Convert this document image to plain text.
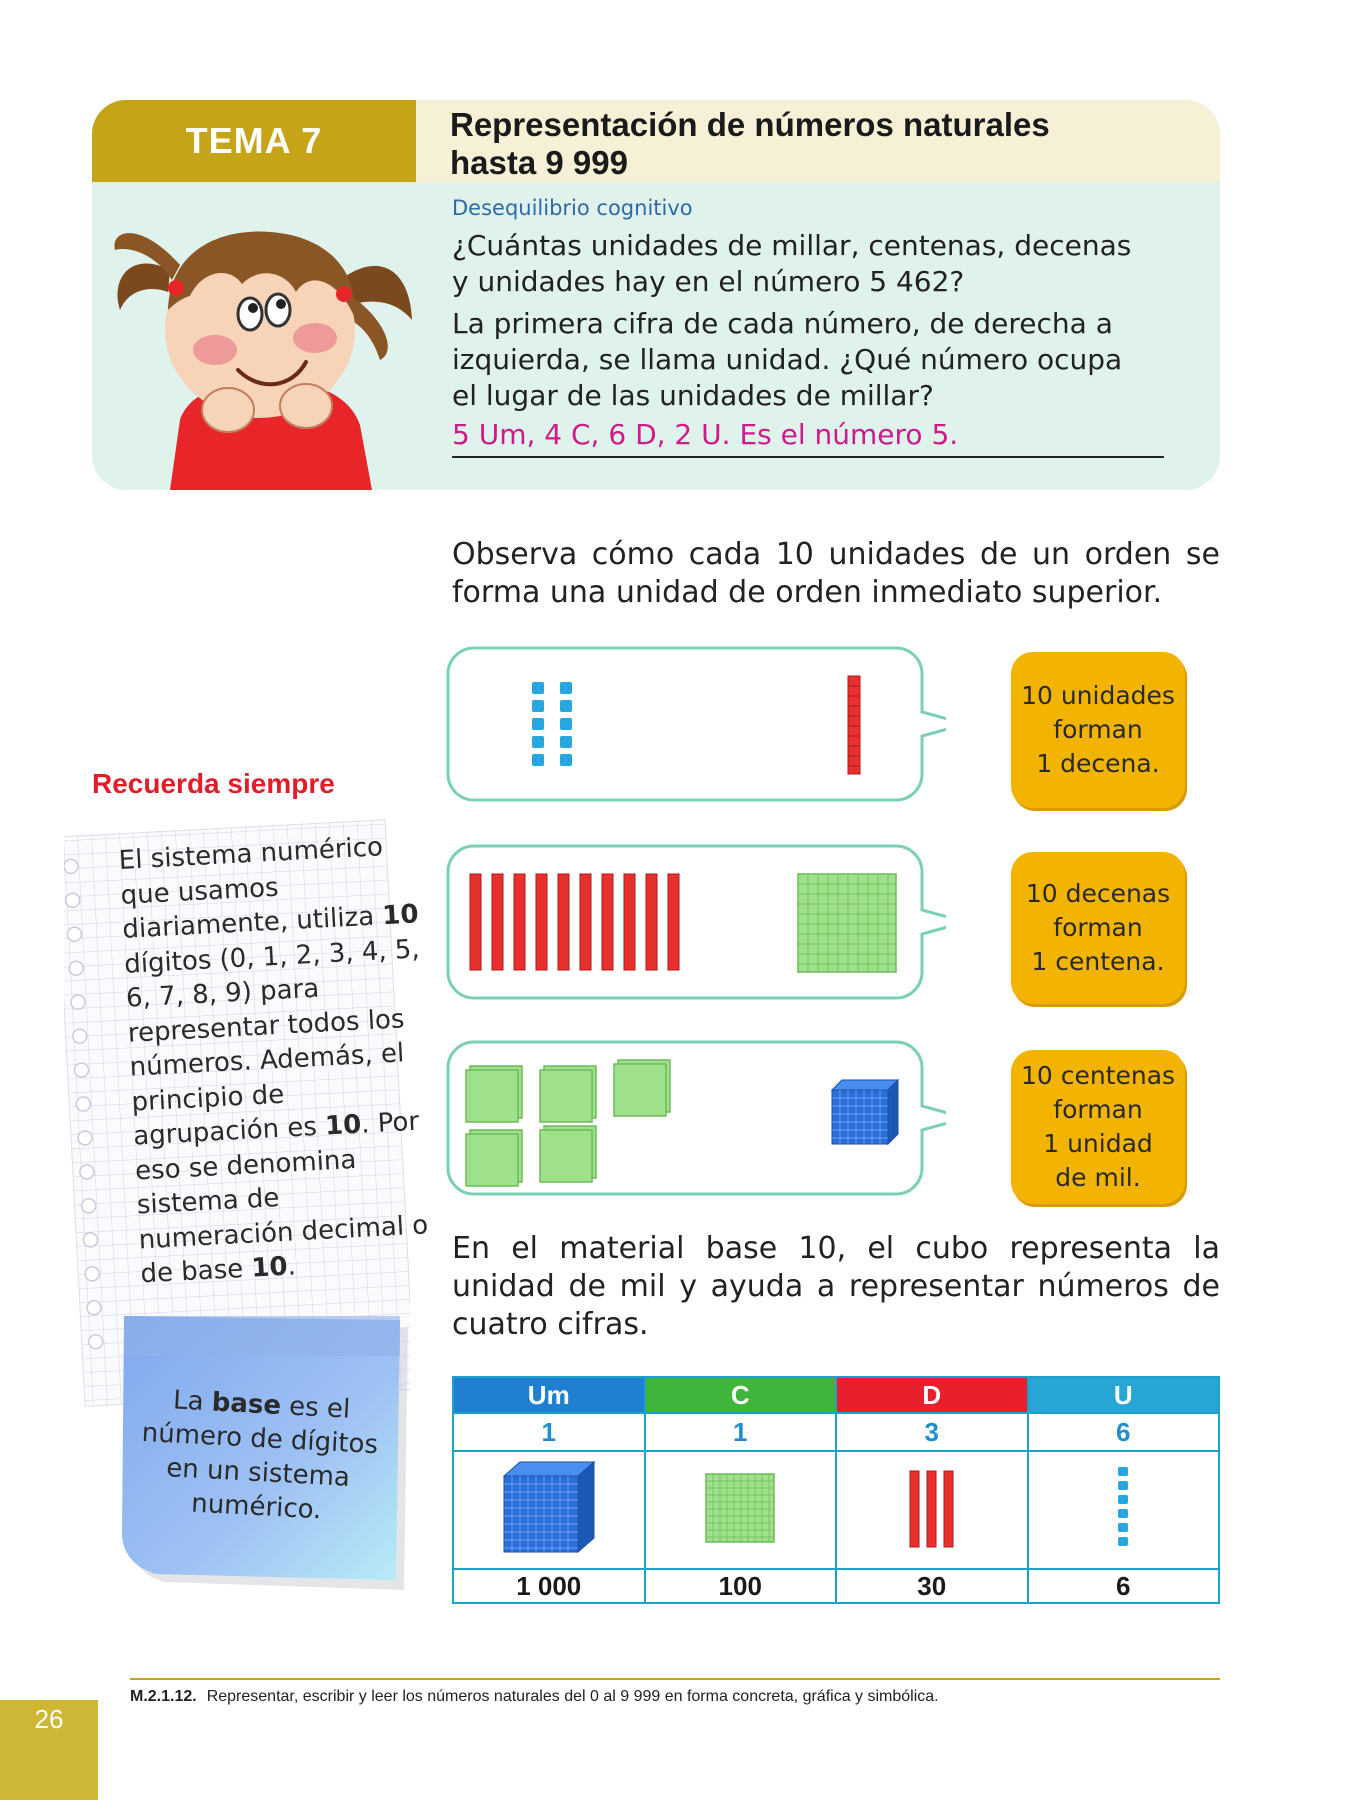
TEMA 7	Representación de números naturales
hasta 9 999
Desequilibrio cognitivo
¿Cuántas unidades de millar, centenas, decenas y unidades hay en el número 5 462?
La primera cifra de cada número, de derecha a izquierda, se llama unidad. ¿Qué número ocupa el lugar de las unidades de millar?
5 Um, 4 C, 6 D, 2 U. Es el número 5.
Observa cómo cada 10 unidades de un orden se forma una unidad de orden inmediato superior.
10 unidades
forman
1 decena.
10 decenas
forman
1 centena.
10 centenas
forman
1 unidad
de mil.
Recuerda siempre
El sistema numérico que usamos diariamente, utiliza 10 dígitos (0, 1, 2, 3, 4, 5, 6, 7, 8, 9) para representar todos los números. Además, el principio de agrupación es 10. Por eso se denomina sistema de numeración decimal o de base 10.
La base es el número de dígitos en un sistema numérico.
En el material base 10, el cubo representa la unidad de mil y ayuda a representar números de cuatro cifras.
Um	C	D	U
1	1	3	6

1 000	100	30	6
M.2.1.12. Representar, escribir y leer los números naturales del 0 al 9 999 en forma concreta, gráfica y simbólica.
26
